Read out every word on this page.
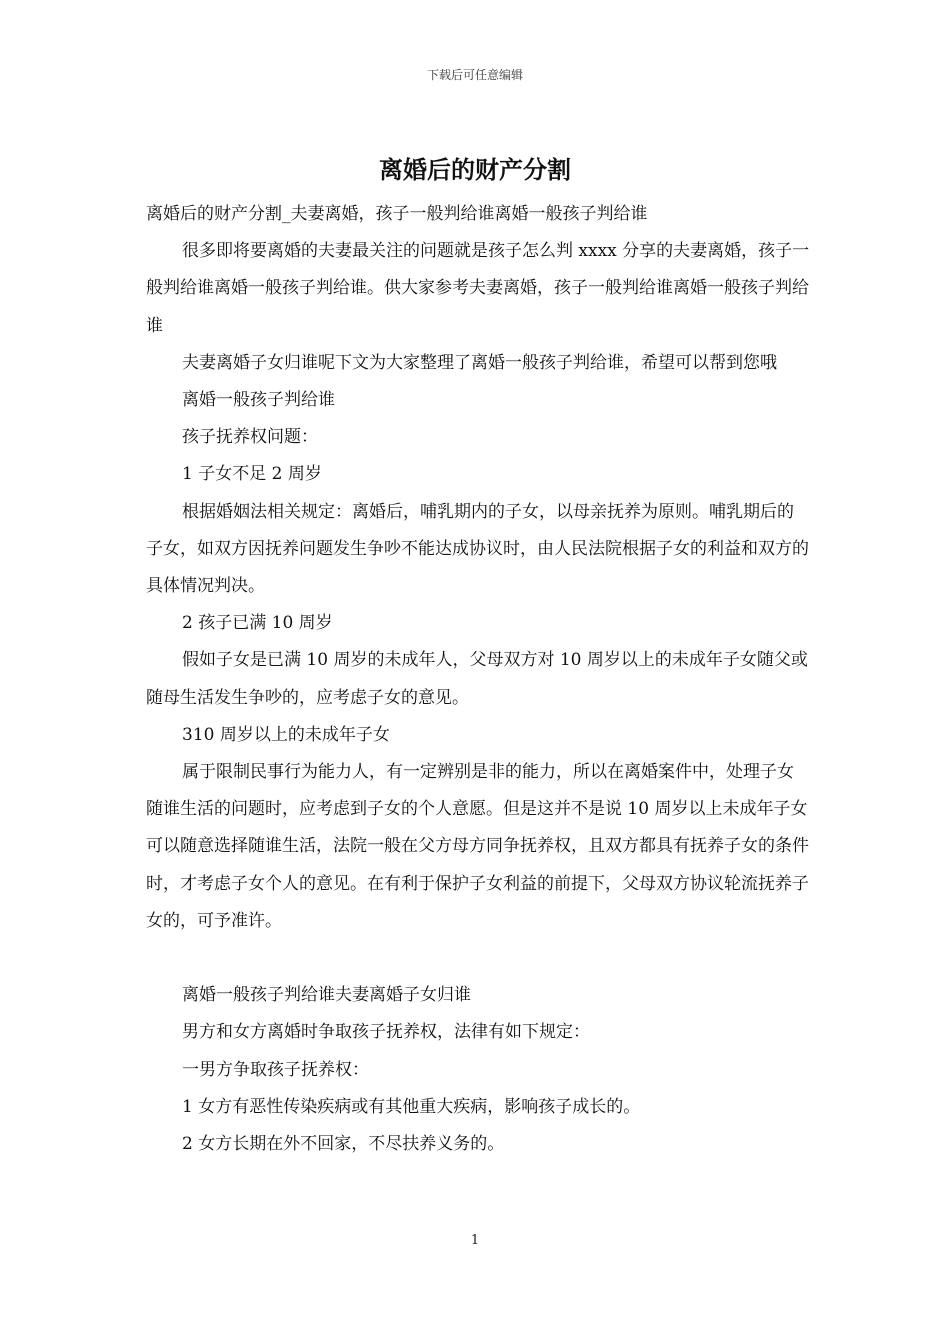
下载后可任意编辑
离婚后的财产分割

离婚后的财产分割_夫妻离婚，孩子一般判给谁离婚一般孩子判给谁

很多即将要离婚的夫妻最关注的问题就是孩子怎么判 xxxx 分享的夫妻离婚，孩子一般判给谁离婚一般孩子判给谁。供大家参考夫妻离婚，孩子一般判给谁离婚一般孩子判给谁

夫妻离婚子女归谁呢下文为大家整理了离婚一般孩子判给谁，希望可以帮到您哦

离婚一般孩子判给谁

孩子抚养权问题：

1 子女不足 2 周岁

根据婚姻法相关规定：离婚后，哺乳期内的子女，以母亲抚养为原则。哺乳期后的子女，如双方因抚养问题发生争吵不能达成协议时，由人民法院根据子女的利益和双方的具体情况判决。

2 孩子已满 10 周岁

假如子女是已满 10 周岁的未成年人，父母双方对 10 周岁以上的未成年子女随父或随母生活发生争吵的，应考虑子女的意见。

310 周岁以上的未成年子女

属于限制民事行为能力人，有一定辨别是非的能力，所以在离婚案件中，处理子女随谁生活的问题时，应考虑到子女的个人意愿。但是这并不是说 10 周岁以上未成年子女可以随意选择随谁生活，法院一般在父方母方同争抚养权，且双方都具有抚养子女的条件时，才考虑子女个人的意见。在有利于保护子女利益的前提下，父母双方协议轮流抚养子女的，可予准许。

离婚一般孩子判给谁夫妻离婚子女归谁

男方和女方离婚时争取孩子抚养权，法律有如下规定：

一男方争取孩子抚养权：

1 女方有恶性传染疾病或有其他重大疾病，影响孩子成长的。

2 女方长期在外不回家，不尽扶养义务的。

1
